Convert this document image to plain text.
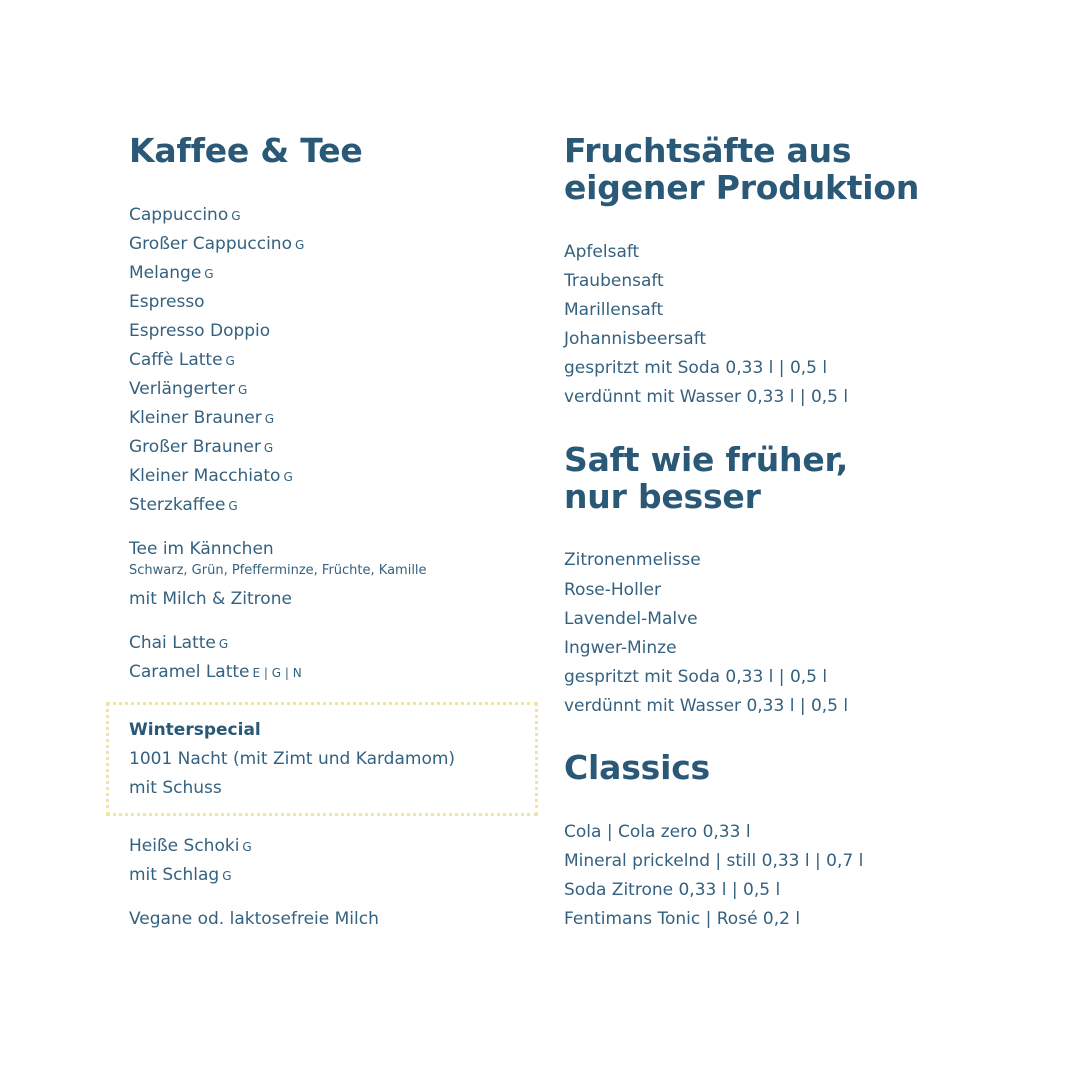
Kaffee & Tee
Cappuccino G
Großer Cappuccino G
Melange G
Espresso
Espresso Doppio
Caffè Latte G
Verlängerter G
Kleiner Brauner G
Großer Brauner G
Kleiner Macchiato G
Sterzkaffee G
Tee im Kännchen
Schwarz, Grün, Pfefferminze, Früchte, Kamille
mit Milch & Zitrone
Chai Latte G
Caramel Latte E | G | N
Winterspecial
1001 Nacht (mit Zimt und Kardamom)
mit Schuss
Heiße Schoki G
mit Schlag G
Vegane od. laktosefreie Milch
Fruchtsäfte aus
eigener Produktion
Apfelsaft
Traubensaft
Marillensaft
Johannisbeersaft
gespritzt mit Soda 0,33 l | 0,5 l
verdünnt mit Wasser 0,33 l | 0,5 l
Saft wie früher,
nur besser
Zitronenmelisse
Rose-Holler
Lavendel-Malve
Ingwer-Minze
gespritzt mit Soda 0,33 l | 0,5 l
verdünnt mit Wasser 0,33 l | 0,5 l
Classics
Cola | Cola zero 0,33 l
Mineral prickelnd | still 0,33 l | 0,7 l
Soda Zitrone 0,33 l | 0,5 l
Fentimans Tonic | Rosé 0,2 l
